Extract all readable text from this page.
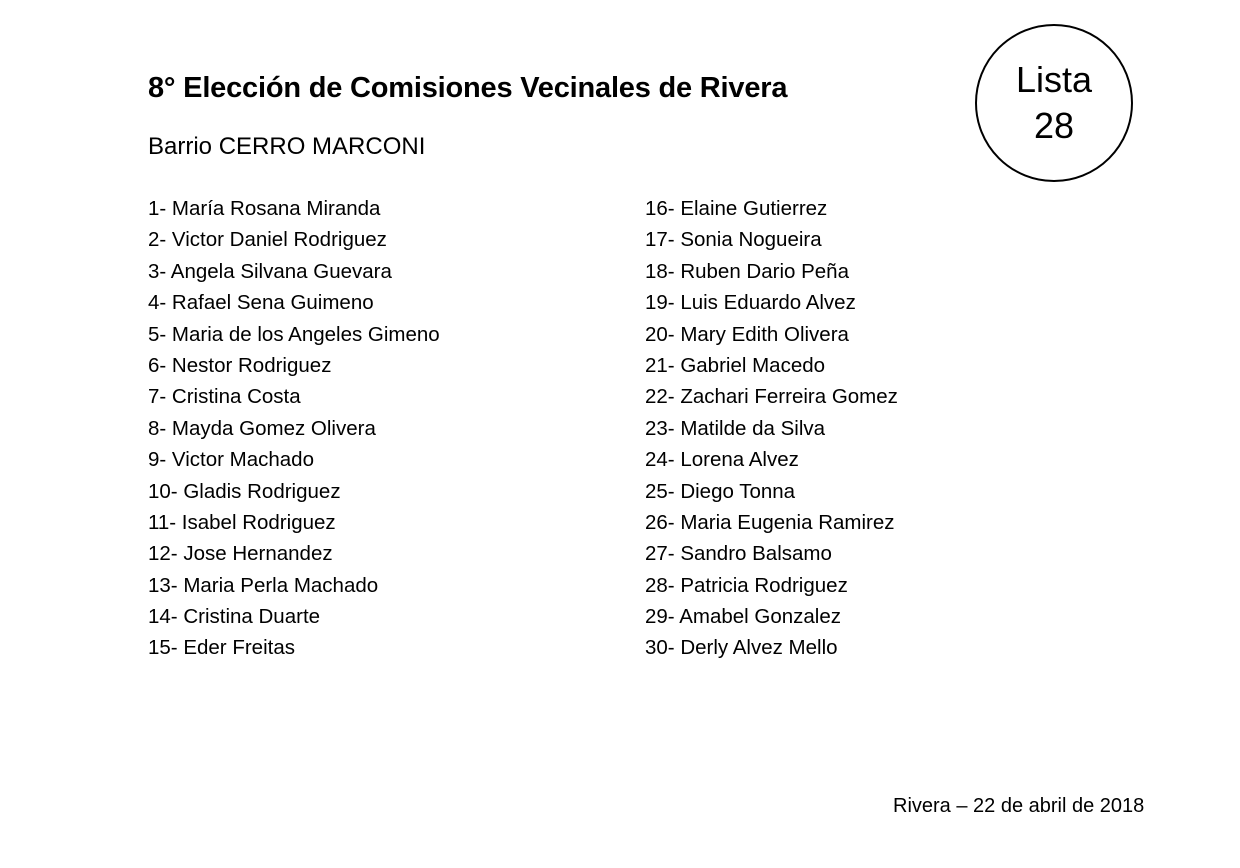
8° Elección de Comisiones Vecinales de Rivera
Barrio CERRO MARCONI
Lista
28
1- María Rosana Miranda
2- Victor Daniel Rodriguez
3- Angela Silvana Guevara
4- Rafael Sena Guimeno
5- Maria de los Angeles Gimeno
6- Nestor Rodriguez
7- Cristina Costa
8- Mayda Gomez Olivera
9- Victor Machado
10- Gladis Rodriguez
11- Isabel Rodriguez
12- Jose Hernandez
13- Maria Perla Machado
14- Cristina Duarte
15- Eder Freitas
16- Elaine Gutierrez
17- Sonia Nogueira
18- Ruben Dario Peña
19- Luis Eduardo Alvez
20- Mary Edith Olivera
21- Gabriel Macedo
22- Zachari Ferreira Gomez
23- Matilde da Silva
24- Lorena Alvez
25- Diego Tonna
26- Maria Eugenia Ramirez
27- Sandro Balsamo
28- Patricia Rodriguez
29- Amabel Gonzalez
30- Derly Alvez Mello
Rivera – 22 de abril de 2018
